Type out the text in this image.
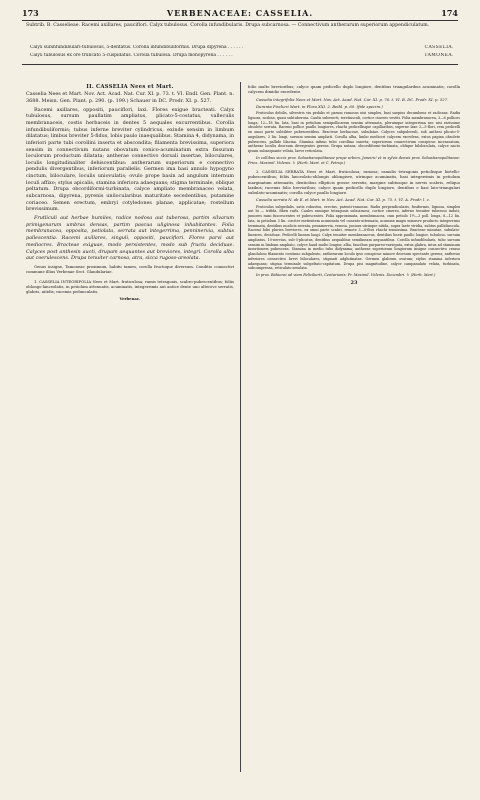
173	VERBENACEAE: CASSELIA.	174
Subtrib. B. Casselieae. Racemi axillares, pauciflori. Calyx tubulosus. Corolla infundibularis. Drupa subcarnosa. — Connectivum antherarum superiorum appendiculatum.
Calyx subinfundibulari-tubulosus, 5-dentatus. Corolla infundibuliformis. Drupa dipyrena . . . . . .	CASSELIA.
Calyx tubulosus ex ore truncato 5-cuspidatus. Corolla tubulosa. Drupa monopyrena . . . . . .	TAMONEA.
II. CASSELIA Nees et Mart.

Casselia Nees et Mart. Nov. Act. Acad. Nat. Cur. XI. p. 73. t. VI. Endl. Gen. Plant. n. 3688. Meisn. Gen. Plant. p. 290. (p. 199.) Schauer in DC. Prodr. XI. p. 527.

Racemi axillares, oppositi, pauciflori, laxi. Flores exigue bracteati. Calyx tubulosus, sursum paullatim ampliatus, plicato-5-costatus, valleculis membranaceis, costis herbaceis in dentes 5 aequales excurrentibus. Corolla infundibuliformis; tubus inferne breviter cylindricus, exinde sensim in limbum dilatatus; limbus breviter 5-fidus, lobis paulo inaequalibus. Stamina 4, didynama, in inferiori parte tubi corollini inserta et abscondita; filamenta brevissima, superiora sensim in connectivum nutans obovatum conico-acuminatum extra fissuram loculorum productum dilatata; antherae connectivo dorsali insertae, biloculares, loculis longitudinaliter dehiscentibus: antherarum superiorum e connectivo pendulis divergentibus, inferiorum parallelis. Germen ima basi annulo hypogyno cinctum, biloculare, loculis uniovulatis; ovulo prope basin ad angulum internum loculi affixo; stylus apicalis, stamina inferiora adaequans; stigma terminale, oblique peltatum. Drupa obcordiformi-turbinata, calyce ampliato membranaceo velata, subcarnosa, dipyrena, pyrenis unilocularibus maturitate secedentibus, putamine coriaceo. Semen erectum, embryi cotyledones planae, applicatae; rostellum brevissimum.

Frutliculi aut herbae humiles, radice nodosa aut tuberosa, partim silvarum primigenarum umbras densas, partim pascua uliginosa inhabitantes. Folia membranacea, opposita, petiolata, serrata aut integerrima, penninervia, subtus pallescentia. Racemi axillares, singuli, oppositi, pauciflori. Flores parvi aut mediocres. Bracteae exiguae, modo persistentes, modo sub fructu deciduae. Calyces post anthesin aucti, drupam aequantes aut breviores, integri. Corolla alba aut coerulescens. Drupa tenuiter carnosa, atra, sicca rugoso-areolata.

Genus insigne, Tamoneae proximum, habitu tamen, corolla fructuque diversum. Conditio connectivi commune illius Verbenae Sect. Glandulariae.

1. CASSELIA INTEGRIFOLIA Nees et Mart. fruticulosa; ramis tetragonis, scabro-pubescentibus; foliis oblongo-lanceolatis, in petiolum attenuatis, acuminatis, integerrimis aut antice dente uno alterove serratis, glabris, nitidis; racemis pedunculatis,

Verbenac.

folio multo brevioribus; calyce quam pedicello duplo longiore, dentibus triangularibus acuminatis; corolla calycem dimidio excedente.

Casselia integrifolia Nees et Mart. Nov. Act. Acad. Nat. Cur. XI. p. 76. t. VI. B. DC. Prodr. XI. p. 527.

Duranta Fischeri Mart. in Flora XXI. 2. Beibl. p. 60. (fide specim.)

Fruticulus debilis, silvestris vix pedalis et parum ramosus nisi simplex, basi saepius decumbens et radicans. Radix lignosa, nodosa, quasi subtuberosa. Caulis suberecti, teretiusculi, cortice cinereo vestiti. Folia membranacea, 3—6 pollices longa, 12—18 lin. lata, basi in petiolum semipollicarem sensim attenuata, plerumque integerrima nec nisi rarissime obsolete serrata. Racemi pollice paullo longiores, rhachi pedicellisque capillaribus, superne laxe 3—5-flori, rem pedicelli ex omni parte subtiliter pubescentibus. Bracteae herbaceae, subulatae. Calyces subpuberuli, sub anthesi plicato-5-angulares, 3 lin. longi, sursum sensim ampliati. Corolla alba, limbo mediocri calycem excedens, extus pagina obsolete pubescens, pallide lilacina. Stamina infimo tubo corollino inserta; superiorum connectivum conspicue incrassatum, antherae loculis deorsum divergentes gerens. Drupa nutans, obcordiformi-turbinata, oblique bilobiculata, calyce nacto ipsum subaequante velata, laeve reticulata.

In collibus siccis prov. Sebastianopolitanae prope urbem, Janeiro! et in sylvis densis prov. Sebastianopolitanae: Prinz. Maximil. Videnis. ♄ (Herb. Mart. et C. Petrop.)

2. CASSELIA SERRATA Nees et Mart. fruticulosa; ramosa; ramulis tetragonis petiolisque hirtello-pubescentibus; foliis lanceolato-oblongis oblongisve, utrinque acuminatis, basi integerrimis in petiolum marginatum attenuatis, denticibus ellipticis grosse serratis, margine subtusque in nervis scabris, reliquo laxibus; racemis folio brevioribus; calyce quam pedicello duplo longiore, dentibus e basi lato-triangulari subulato-acuminatis; corolla calyce paullo longiore.

Casselia serrata N. ab E. et Mart. in Nov. Act. Acad. Nat. Cur. XI. p. 75. t. VI. A. Prodr. l. c.

Fruticulus subpedalis, satis robustus, erectus, patenti-ramosus. Radix perpendicularis, fusiformis, lignosa, simplex aut bi — trifida, fibris rarls. Caules ramique tetragonis subcarnosi; cortice cinereo, inferne tenuiter tuberoso induti; juniores rami fuscescentes et pubescentes. Folia approximata, membranacea, cum petiolo 1½—3 poll. longa, 8—12 lin. lata, in petiolum 3 lin. circiter metientem acuminata vel cuneato-attenuata, acumine magis minusve producto integerrimo terminata, dentibus modicis serrata, penninervia, venosa, juniora utrinque nitida, supra laete viridia, subtus pallidiuscula. Racemi folio pluries breviores, ex omni parte scabri, remote 3—8-flori rhachi tenuissima. Bracteae minutae, subulato-lineares, deciduae. Pedicelli lineam longi. Calyx tenuiter membranaceus, dentibus lineis paullo longior, tubuloso, sursum ampliatus, 10-nervius, sub-5-plicatus, dentibus aequalibus semilineam aequantibus. Corolla infundibularis, tubo sursum sensim in limbum ampliato, calyce haud multo longior, alba, faucibus purpureo-variegata, extus glabra, intus ad staminum insertionem pubescens. Stamina in medio tubo didynama; antherae superiorum longiorum insigne connectivo crasso glanduloso filamento continuo subgaleato, antherarum loculo ipso conspicue minore deorsum spectante gerens; antherae inferiores connectivo brevi biloculares, stigmati adglutinatae. Germen glabrum ovatum; stylus stamina inferiora adaequans; stigma terminale subpeltato-capitatum. Drupa pisi magnitudine, calyce campanulato velata, turbinata, subcompressa, reticulato-areolata.

In prov. Bahiensi ad viam Feliciberti, Centurionis: Pr. Maximil. Videnis. Decembri. ♄ (Herb. Mart.)

23
